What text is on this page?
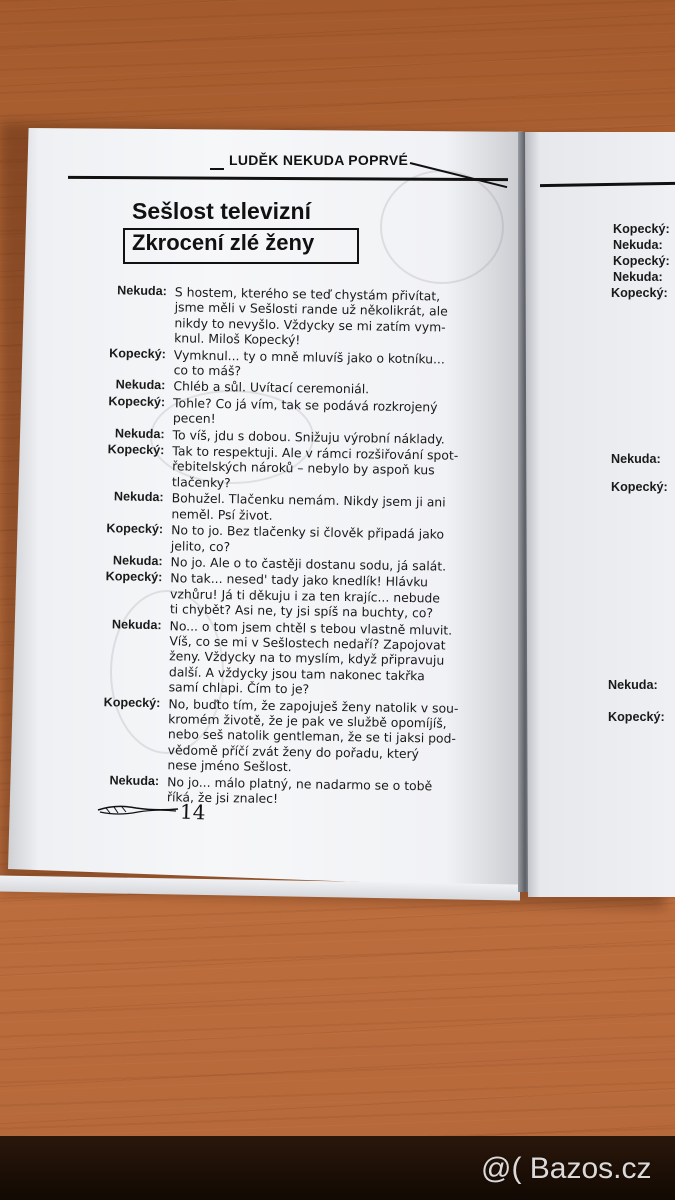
LUDĚK NEKUDA POPRVÉ
Sešlost televizní
Zkrocení zlé ženy
Nekuda: S hostem, kterého se teď chystám přivítat,
jsme měli v Sešlosti rande už několikrát, ale
nikdy to nevyšlo. Vždycky se mi zatím vym-
knul. Miloš Kopecký!
Kopecký: Vymknul... ty o mně mluvíš jako o kotníku...
co to máš?
Nekuda: Chléb a sůl. Uvítací ceremoniál.
Kopecký: Tohle? Co já vím, tak se podává rozkrojený
pecen!
Nekuda: To víš, jdu s dobou. Snižuju výrobní náklady.
Kopecký: Tak to respektuji. Ale v rámci rozšiřování spot-
řebitelských nároků – nebylo by aspoň kus
tlačenky?
Nekuda: Bohužel. Tlačenku nemám. Nikdy jsem ji ani
neměl. Psí život.
Kopecký: No to jo. Bez tlačenky si člověk připadá jako
jelito, co?
Nekuda: No jo. Ale o to častěji dostanu sodu, já salát.
Kopecký: No tak... nesed' tady jako knedlík! Hlávku
vzhůru! Já ti děkuju i za ten krajíc... nebude
ti chybět? Asi ne, ty jsi spíš na buchty, co?
Nekuda: No... o tom jsem chtěl s tebou vlastně mluvit.
Víš, co se mi v Sešlostech nedaří? Zapojovat
ženy. Vždycky na to myslím, když připravuju
další. A vždycky jsou tam nakonec takřka
samí chlapi. Čím to je?
Kopecký: No, buďto tím, že zapojuješ ženy natolik v sou-
kromém životě, že je pak ve službě opomíjíš,
nebo seš natolik gentleman, že se ti jaksi pod-
vědomě příčí zvát ženy do pořadu, který
nese jméno Sešlost.
Nekuda: No jo... málo platný, ne nadarmo se o tobě
říká, že jsi znalec!
14
Kopecký:
Nekuda:
Kopecký:
Nekuda:
Kopecký:
Nekuda:
Kopecký:
Nekuda:
Kopecký:
@( Bazos.cz
